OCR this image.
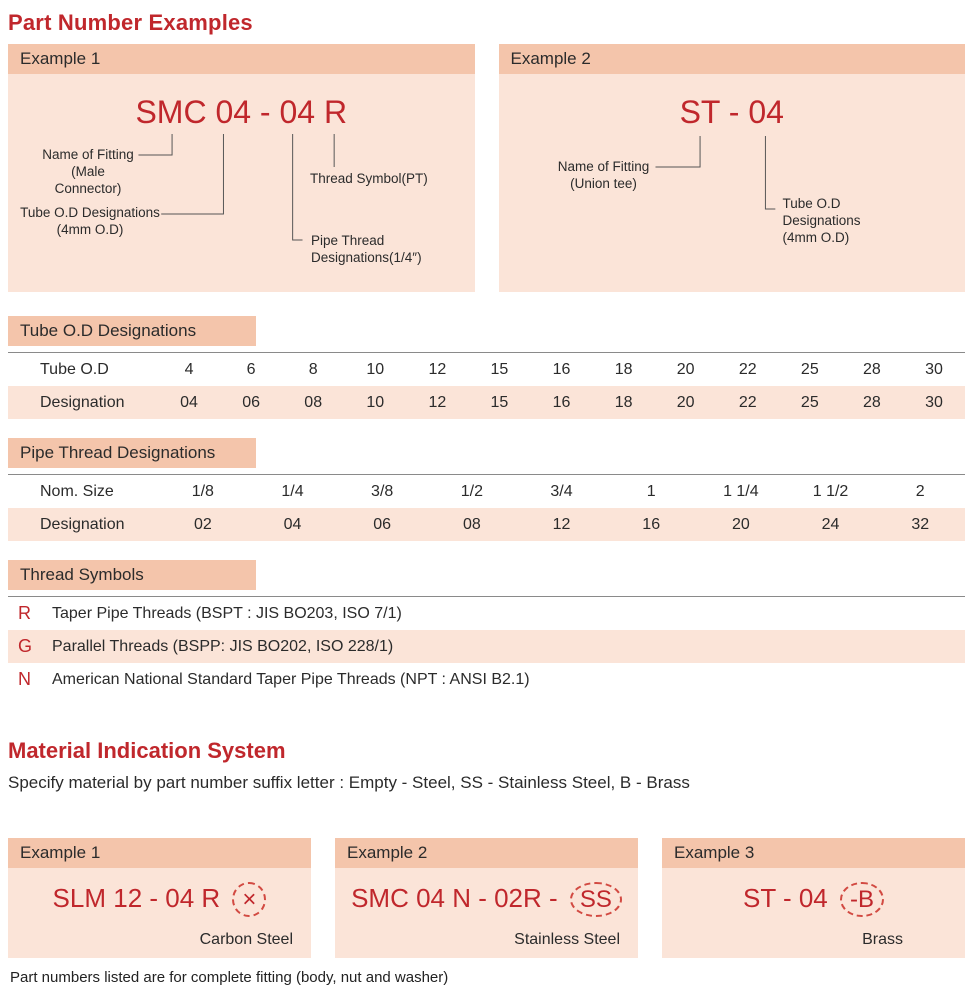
Part Number Examples
Example 1
SMC 04 - 04 R
Name of Fitting
(Male Connector)
Tube O.D Designations
(4mm O.D)
Thread Symbol(PT)
Pipe Thread
Designations(1/4″)
Example 2
ST - 04
Name of Fitting
(Union tee)
Tube O.D
Designations
(4mm O.D)
Tube O.D Designations
Tube O.D	4	6	8	10	12	15	16	18	20	22	25	28	30
Designation	04	06	08	10	12	15	16	18	20	22	25	28	30
Pipe Thread Designations
Nom. Size	1/8	1/4	3/8	1/2	3/4	1	1 1/4	1 1/2	2
Designation	02	04	06	08	12	16	20	24	32
Thread Symbols
R	Taper Pipe Threads (BSPT : JIS BO203, ISO 7/1)
G	Parallel Threads (BSPP: JIS BO202, ISO 228/1)
N	American National Standard Taper Pipe Threads (NPT : ANSI B2.1)
Material Indication System
Specify material by part number suffix letter : Empty - Steel, SS - Stainless Steel, B - Brass
Example 1
SLM 12 - 04 R ×
Carbon Steel
Example 2
SMC 04 N - 02R - SS
Stainless Steel
Example 3
ST - 04 -B
Brass
Part numbers listed are for complete fitting (body, nut and washer)
